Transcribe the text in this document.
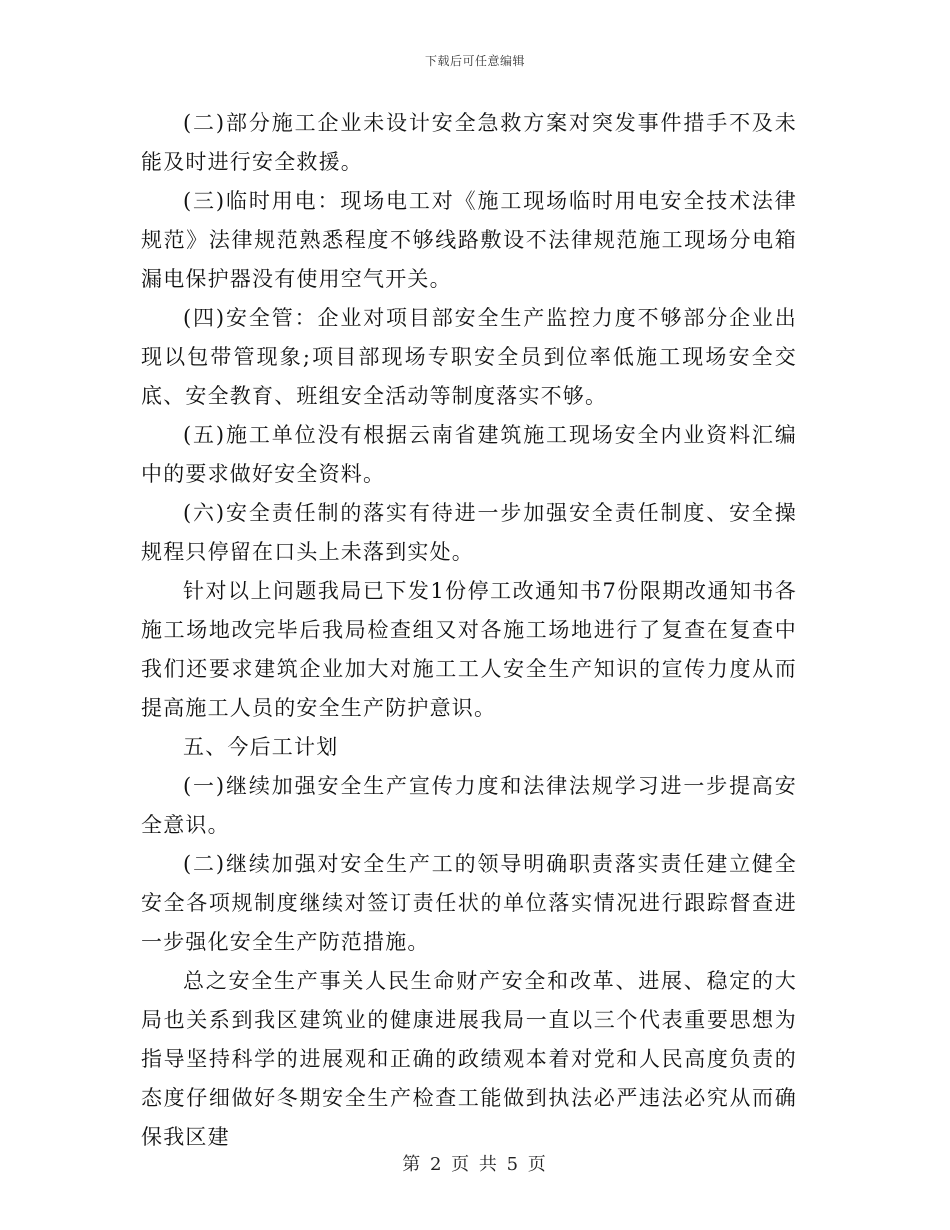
下载后可任意编辑

(二)部分施工企业未设计安全急救方案对突发事件措手不及未能及时进行安全救援。

(三)临时用电：现场电工对《施工现场临时用电安全技术法律规范》法律规范熟悉程度不够线路敷设不法律规范施工现场分电箱漏电保护器没有使用空气开关。

(四)安全管：企业对项目部安全生产监控力度不够部分企业出现以包带管现象;项目部现场专职安全员到位率低施工现场安全交底、安全教育、班组安全活动等制度落实不够。

(五)施工单位没有根据云南省建筑施工现场安全内业资料汇编中的要求做好安全资料。

(六)安全责任制的落实有待进一步加强安全责任制度、安全操规程只停留在口头上未落到实处。

针对以上问题我局已下发1份停工改通知书7份限期改通知书各施工场地改完毕后我局检查组又对各施工场地进行了复查在复查中我们还要求建筑企业加大对施工工人安全生产知识的宣传力度从而提高施工人员的安全生产防护意识。

五、今后工计划

(一)继续加强安全生产宣传力度和法律法规学习进一步提高安全意识。

(二)继续加强对安全生产工的领导明确职责落实责任建立健全安全各项规制度继续对签订责任状的单位落实情况进行跟踪督查进一步强化安全生产防范措施。

总之安全生产事关人民生命财产安全和改革、进展、稳定的大局也关系到我区建筑业的健康进展我局一直以三个代表重要思想为指导坚持科学的进展观和正确的政绩观本着对党和人民高度负责的态度仔细做好冬期安全生产检查工能做到执法必严违法必究从而确保我区建

第 2 页 共 5 页
